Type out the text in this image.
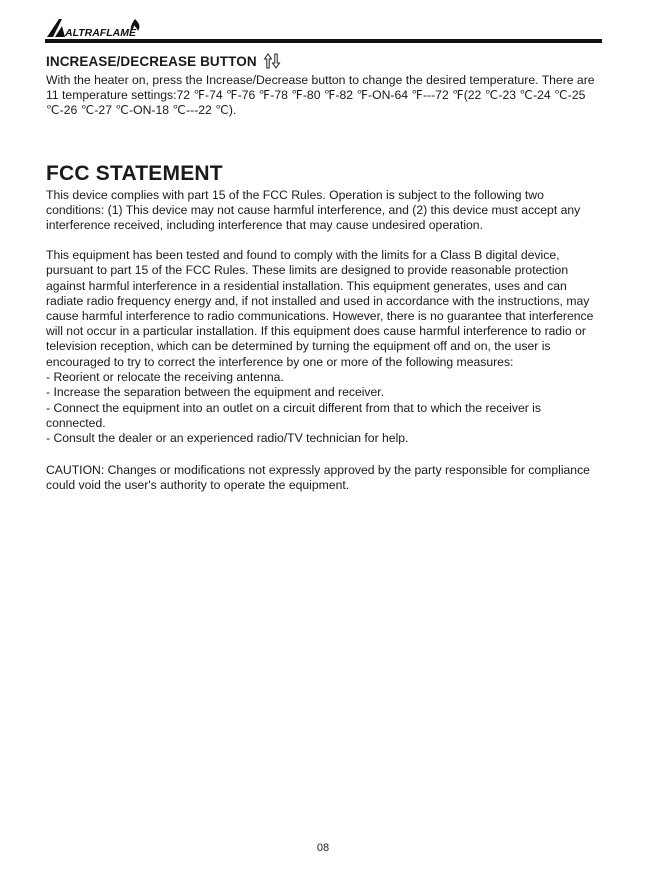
ALTRAFLAME
INCREASE/DECREASE BUTTON

With the heater on, press the Increase/Decrease button to change the desired temperature. There are 11 temperature settings:72 ℉-74 ℉-76 ℉-78 ℉-80 ℉-82 ℉-ON-64 ℉---72 ℉(22 ℃-23 ℃-24 ℃-25 ℃-26 ℃-27 ℃-ON-18 ℃---22 ℃).

FCC STATEMENT

This device complies with part 15 of the FCC Rules. Operation is subject to the following two conditions: (1) This device may not cause harmful interference, and (2) this device must accept any interference received, including interference that may cause undesired operation.

This equipment has been tested and found to comply with the limits for a Class B digital device, pursuant to part 15 of the FCC Rules. These limits are designed to provide reasonable protection against harmful interference in a residential installation. This equipment generates, uses and can radiate radio frequency energy and, if not installed and used in accordance with the instructions, may cause harmful interference to radio communications. However, there is no guarantee that interference will not occur in a particular installation. If this equipment does cause harmful interference to radio or television reception, which can be determined by turning the equipment off and on, the user is encouraged to try to correct the interference by one or more of the following measures:

- Reorient or relocate the receiving antenna.
- Increase the separation between the equipment and receiver.
- Connect the equipment into an outlet on a circuit different from that to which the receiver is connected.
- Consult the dealer or an experienced radio/TV technician for help.

CAUTION: Changes or modifications not expressly approved by the party responsible for compliance could void the user's authority to operate the equipment.

08
